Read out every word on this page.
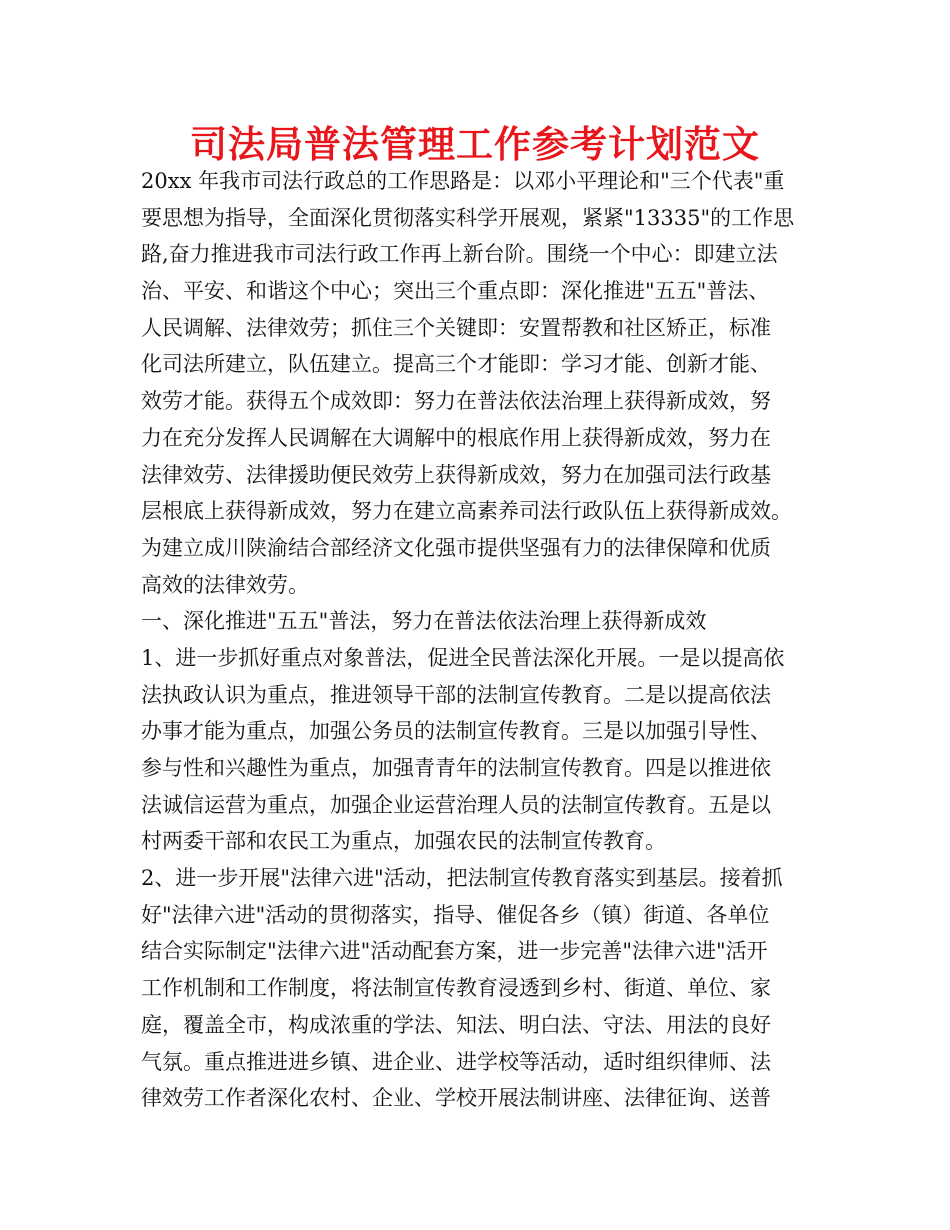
司法局普法管理工作参考计划范文
20xx 年我市司法行政总的工作思路是：以邓小平理论和"三个代表"重
要思想为指导，全面深化贯彻落实科学开展观，紧紧"13335"的工作思
路,奋力推进我市司法行政工作再上新台阶。围绕一个中心：即建立法
治、平安、和谐这个中心；突出三个重点即：深化推进"五五"普法、
人民调解、法律效劳；抓住三个关键即：安置帮教和社区矫正，标准
化司法所建立，队伍建立。提高三个才能即：学习才能、创新才能、
效劳才能。获得五个成效即：努力在普法依法治理上获得新成效，努
力在充分发挥人民调解在大调解中的根底作用上获得新成效，努力在
法律效劳、法律援助便民效劳上获得新成效，努力在加强司法行政基
层根底上获得新成效，努力在建立高素养司法行政队伍上获得新成效。
为建立成川陕渝结合部经济文化强市提供坚强有力的法律保障和优质
高效的法律效劳。
一、深化推进"五五"普法，努力在普法依法治理上获得新成效
1、进一步抓好重点对象普法，促进全民普法深化开展。一是以提高依
法执政认识为重点，推进领导干部的法制宣传教育。二是以提高依法
办事才能为重点，加强公务员的法制宣传教育。三是以加强引导性、
参与性和兴趣性为重点，加强青青年的法制宣传教育。四是以推进依
法诚信运营为重点，加强企业运营治理人员的法制宣传教育。五是以
村两委干部和农民工为重点，加强农民的法制宣传教育。
2、进一步开展"法律六进"活动，把法制宣传教育落实到基层。接着抓
好"法律六进"活动的贯彻落实，指导、催促各乡（镇）街道、各单位
结合实际制定"法律六进"活动配套方案，进一步完善"法律六进"活开
工作机制和工作制度，将法制宣传教育浸透到乡村、街道、单位、家
庭，覆盖全市，构成浓重的学法、知法、明白法、守法、用法的良好
气氛。重点推进进乡镇、进企业、进学校等活动，适时组织律师、法
律效劳工作者深化农村、企业、学校开展法制讲座、法律征询、送普
